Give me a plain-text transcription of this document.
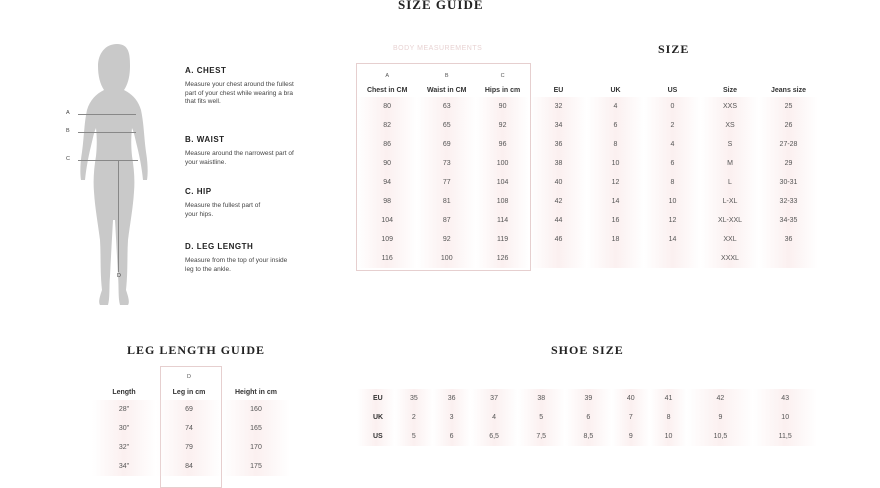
SIZE GUIDE
A
B
C
D
A. CHEST
Measure your chest around the fullest part of your chest while wearing a bra that fits well.
B. WAIST
Measure around the narrowest part of your waistline.
C. HIP
Measure the fullest part of your hips.
D. LEG LENGTH
Measure from the top of your inside leg to the ankle.
BODY MEASUREMENTS
A	B	C
Chest in CM	Waist in CM	Hips in cm
80	63	90
82	65	92
86	69	96
90	73	100
94	77	104
98	81	108
104	87	114
109	92	119
116	100	126
SIZE
EU	UK	US	Size	Jeans size
32	4	0	XXS	25
34	6	2	XS	26
36	8	4	S	27-28
38	10	6	M	29
40	12	8	L	30-31
42	14	10	L-XL	32-33
44	16	12	XL-XXL	34-35
46	18	14	XXL	36
			XXXL	
LEG LENGTH GUIDE
	D	
Length	Leg in cm	Height in cm
28"	69	160
30"	74	165
32"	79	170
34"	84	175
SHOE SIZE
EU	35	36	37	38	39	40	41	42	43
UK	2	3	4	5	6	7	8	9	10
US	5	6	6,5	7,5	8,5	9	10	10,5	11,5
